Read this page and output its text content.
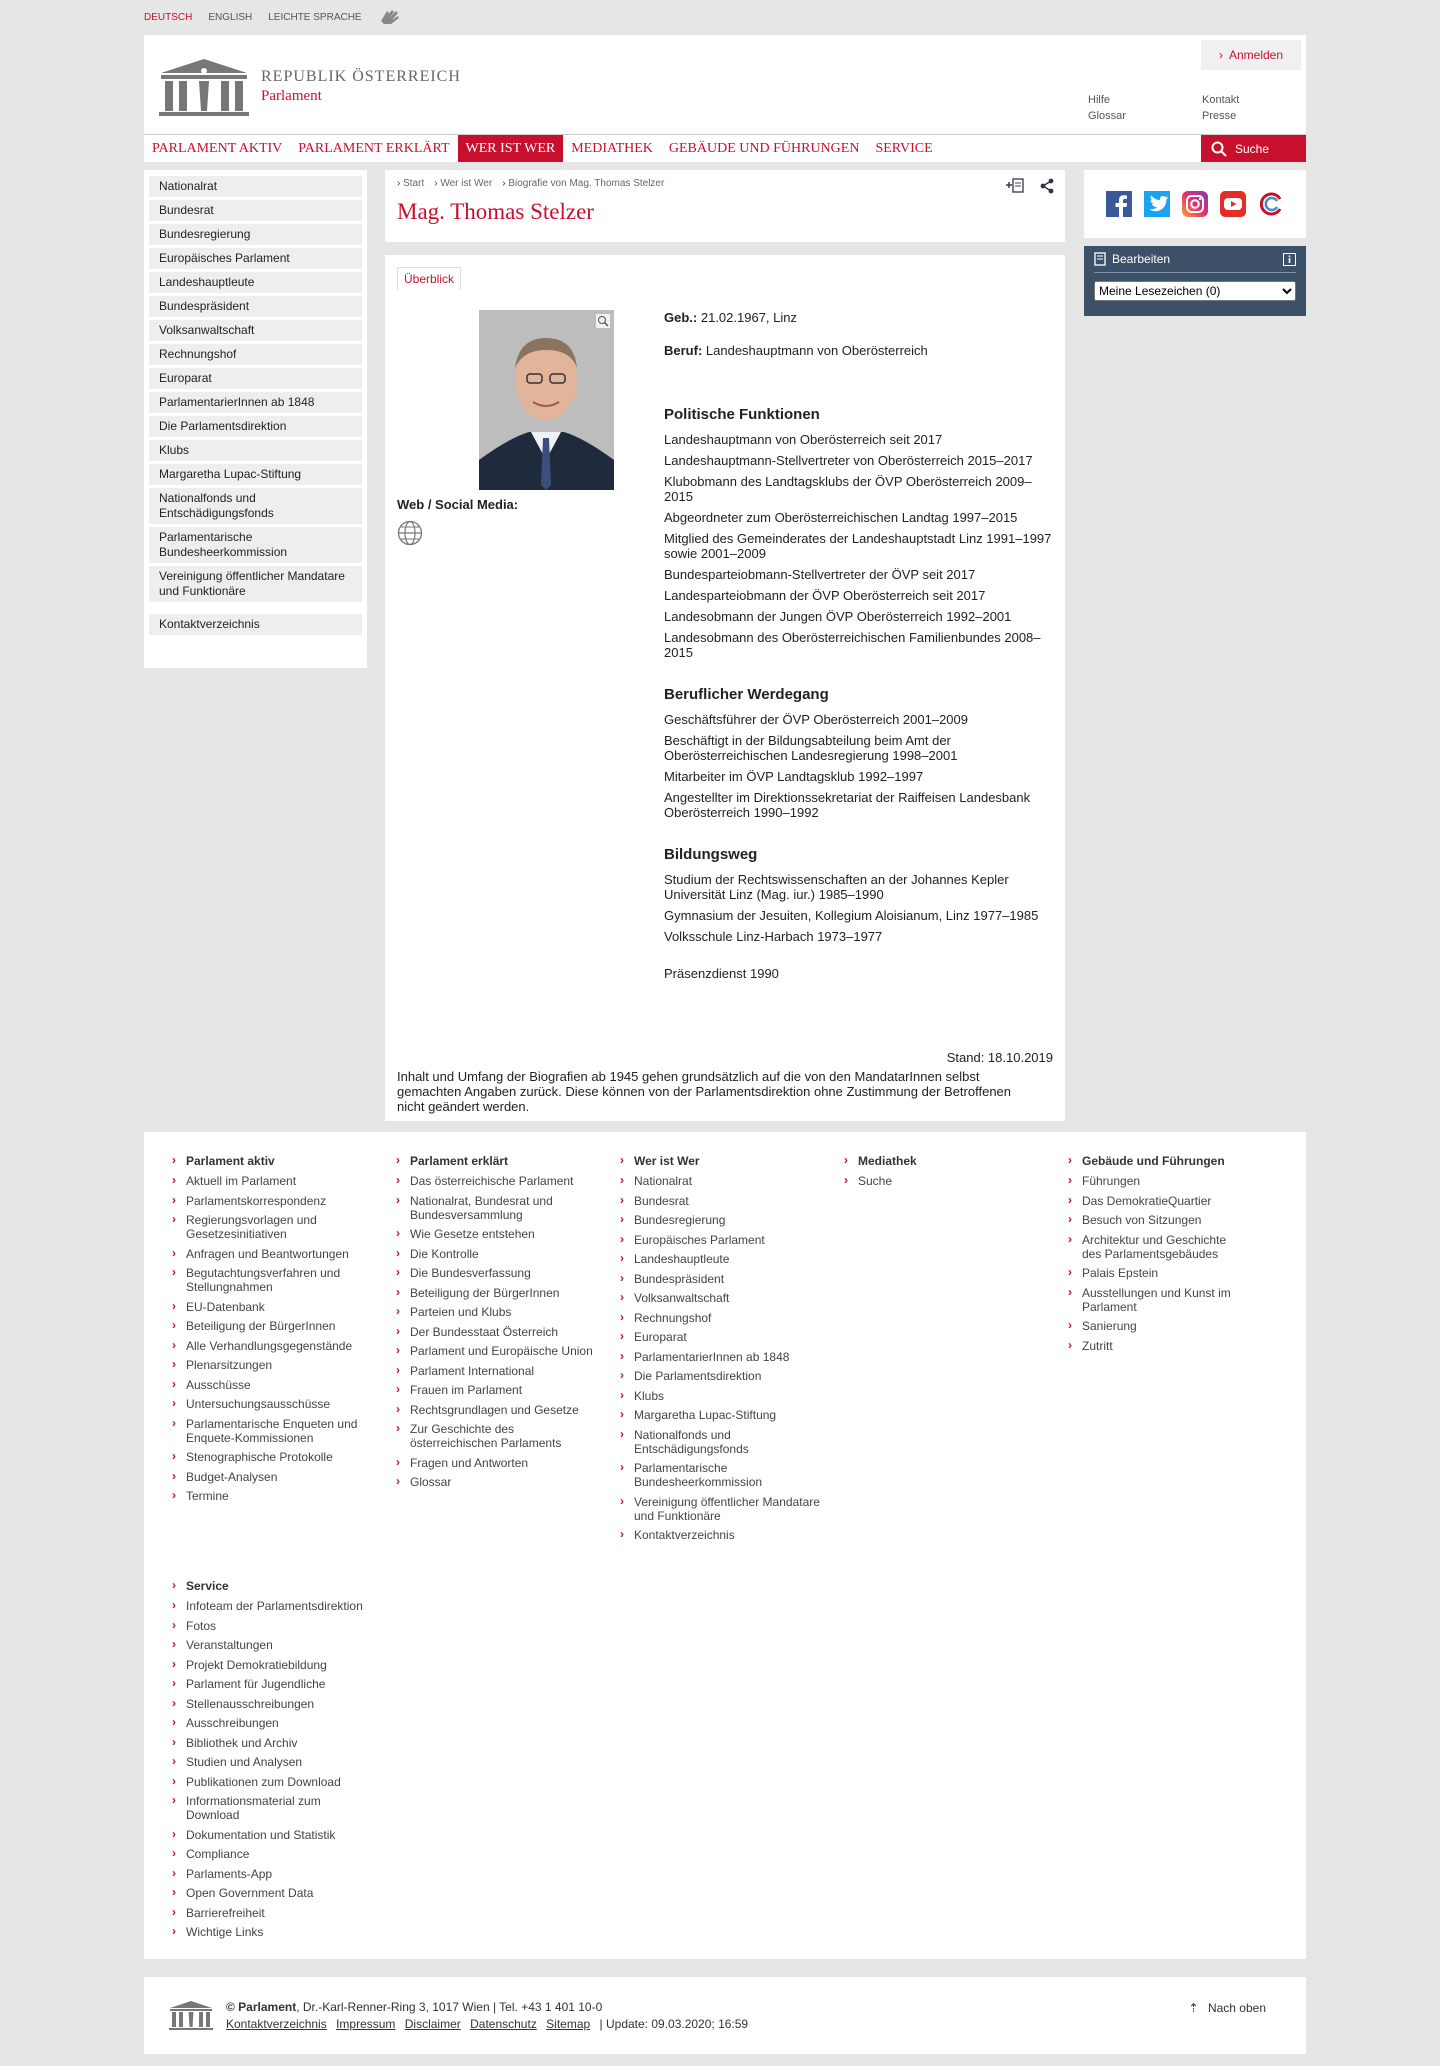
DEUTSCH ENGLISH LEICHTE SPRACHE
REPUBLIK ÖSTERREICH
Parlament
› Anmelden
Hilfe
Glossar
Kontakt
Presse
PARLAMENT AKTIV	PARLAMENT ERKLÄRT	WER IST WER	MEDIATHEK	GEBÄUDE UND FÜHRUNGEN	SERVICE	Suche
Nationalrat
Bundesrat
Bundesregierung
Europäisches Parlament
Landeshauptleute
Bundespräsident
Volksanwaltschaft
Rechnungshof
Europarat
ParlamentarierInnen ab 1848
Die Parlamentsdirektion
Klubs
Margaretha Lupac-Stiftung
Nationalfonds und Entschädigungsfonds
Parlamentarische Bundesheerkommission
Vereinigung öffentlicher Mandatare und Funktionäre
Kontaktverzeichnis
› Start	› Wer ist Wer	› Biografie von Mag. Thomas Stelzer
Mag. Thomas Stelzer
Überblick
Web / Social Media:
Geb.: 21.02.1967, Linz
Beruf: Landeshauptmann von Oberösterreich
Politische Funktionen
Landeshauptmann von Oberösterreich seit 2017
Landeshauptmann-Stellvertreter von Oberösterreich 2015–2017
Klubobmann des Landtagsklubs der ÖVP Oberösterreich 2009–2015
Abgeordneter zum Oberösterreichischen Landtag 1997–2015
Mitglied des Gemeinderates der Landeshauptstadt Linz 1991–1997 sowie 2001–2009
Bundesparteiobmann-Stellvertreter der ÖVP seit 2017
Landesparteiobmann der ÖVP Oberösterreich seit 2017
Landesobmann der Jungen ÖVP Oberösterreich 1992–2001
Landesobmann des Oberösterreichischen Familienbundes 2008–2015
Beruflicher Werdegang
Geschäftsführer der ÖVP Oberösterreich 2001–2009
Beschäftigt in der Bildungsabteilung beim Amt der Oberösterreichischen Landesregierung 1998–2001
Mitarbeiter im ÖVP Landtagsklub 1992–1997
Angestellter im Direktionssekretariat der Raiffeisen Landesbank Oberösterreich 1990–1992
Bildungsweg
Studium der Rechtswissenschaften an der Johannes Kepler Universität Linz (Mag. iur.) 1985–1990
Gymnasium der Jesuiten, Kollegium Aloisianum, Linz 1977–1985
Volksschule Linz-Harbach 1973–1977
Präsenzdienst 1990
Stand: 18.10.2019
Inhalt und Umfang der Biografien ab 1945 gehen grundsätzlich auf die von den MandatarInnen selbst gemachten Angaben zurück. Diese können von der Parlamentsdirektion ohne Zustimmung der Betroffenen nicht geändert werden.
Bearbeiten
Meine Lesezeichen (0)
› Parlament aktiv
› Aktuell im Parlament
› Parlamentskorrespondenz
› Regierungsvorlagen und Gesetzesinitiativen
› Anfragen und Beantwortungen
› Begutachtungsverfahren und Stellungnahmen
› EU-Datenbank
› Beteiligung der BürgerInnen
› Alle Verhandlungsgegenstände
› Plenarsitzungen
› Ausschüsse
› Untersuchungsausschüsse
› Parlamentarische Enqueten und Enquete-Kommissionen
› Stenographische Protokolle
› Budget-Analysen
› Termine
› Parlament erklärt
› Das österreichische Parlament
› Nationalrat, Bundesrat und Bundesversammlung
› Wie Gesetze entstehen
› Die Kontrolle
› Die Bundesverfassung
› Beteiligung der BürgerInnen
› Parteien und Klubs
› Der Bundesstaat Österreich
› Parlament und Europäische Union
› Parlament International
› Frauen im Parlament
› Rechtsgrundlagen und Gesetze
› Zur Geschichte des österreichischen Parlaments
› Fragen und Antworten
› Glossar
› Wer ist Wer
› Nationalrat
› Bundesrat
› Bundesregierung
› Europäisches Parlament
› Landeshauptleute
› Bundespräsident
› Volksanwaltschaft
› Rechnungshof
› Europarat
› ParlamentarierInnen ab 1848
› Die Parlamentsdirektion
› Klubs
› Margaretha Lupac-Stiftung
› Nationalfonds und Entschädigungsfonds
› Parlamentarische Bundesheerkommission
› Vereinigung öffentlicher Mandatare und Funktionäre
› Kontaktverzeichnis
› Mediathek
› Suche
› Gebäude und Führungen
› Führungen
› Das DemokratieQuartier
› Besuch von Sitzungen
› Architektur und Geschichte des Parlamentsgebäudes
› Palais Epstein
› Ausstellungen und Kunst im Parlament
› Sanierung
› Zutritt
› Service
› Infoteam der Parlamentsdirektion
› Fotos
› Veranstaltungen
› Projekt Demokratiebildung
› Parlament für Jugendliche
› Stellenausschreibungen
› Ausschreibungen
› Bibliothek und Archiv
› Studien und Analysen
› Publikationen zum Download
› Informationsmaterial zum Download
› Dokumentation und Statistik
› Compliance
› Parlaments-App
› Open Government Data
› Barrierefreiheit
› Wichtige Links
© Parlament, Dr.-Karl-Renner-Ring 3, 1017 Wien | Tel. +43 1 401 10-0
Kontaktverzeichnis Impressum Disclaimer Datenschutz Sitemap | Update: 09.03.2020; 16:59
⇡ Nach oben
